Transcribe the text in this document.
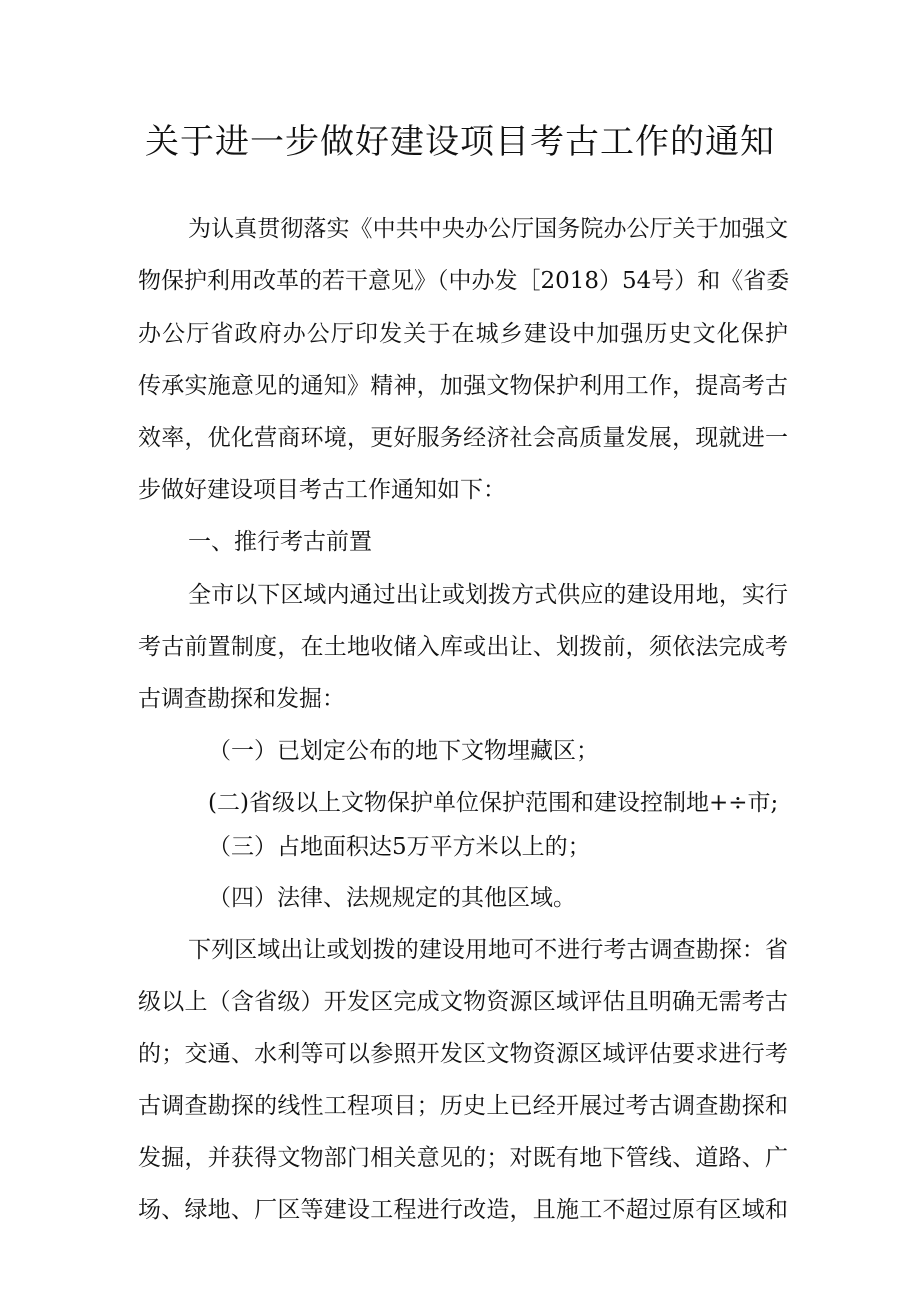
关于进一步做好建设项目考古工作的通知
为认真贯彻落实《中共中央办公厅国务院办公厅关于加强文
物保护利用改革的若干意见》（中办发［2018）54号）和《省委
办公厅省政府办公厅印发关于在城乡建设中加强历史文化保护
传承实施意见的通知》精神，加强文物保护利用工作，提高考古
效率，优化营商环境，更好服务经济社会高质量发展，现就进一
步做好建设项目考古工作通知如下：
一、推行考古前置
全市以下区域内通过出让或划拨方式供应的建设用地，实行
考古前置制度，在土地收储入库或出让、划拨前，须依法完成考
古调查勘探和发掘：
（一）已划定公布的地下文物埋藏区；
(二)省级以上文物保护单位保护范围和建设控制地+÷市;
（三）占地面积达5万平方米以上的；
（四）法律、法规规定的其他区域。
下列区域出让或划拨的建设用地可不进行考古调查勘探：省
级以上（含省级）开发区完成文物资源区域评估且明确无需考古
的；交通、水利等可以参照开发区文物资源区域评估要求进行考
古调查勘探的线性工程项目；历史上已经开展过考古调查勘探和
发掘，并获得文物部门相关意见的；对既有地下管线、道路、广
场、绿地、厂区等建设工程进行改造，且施工不超过原有区域和
